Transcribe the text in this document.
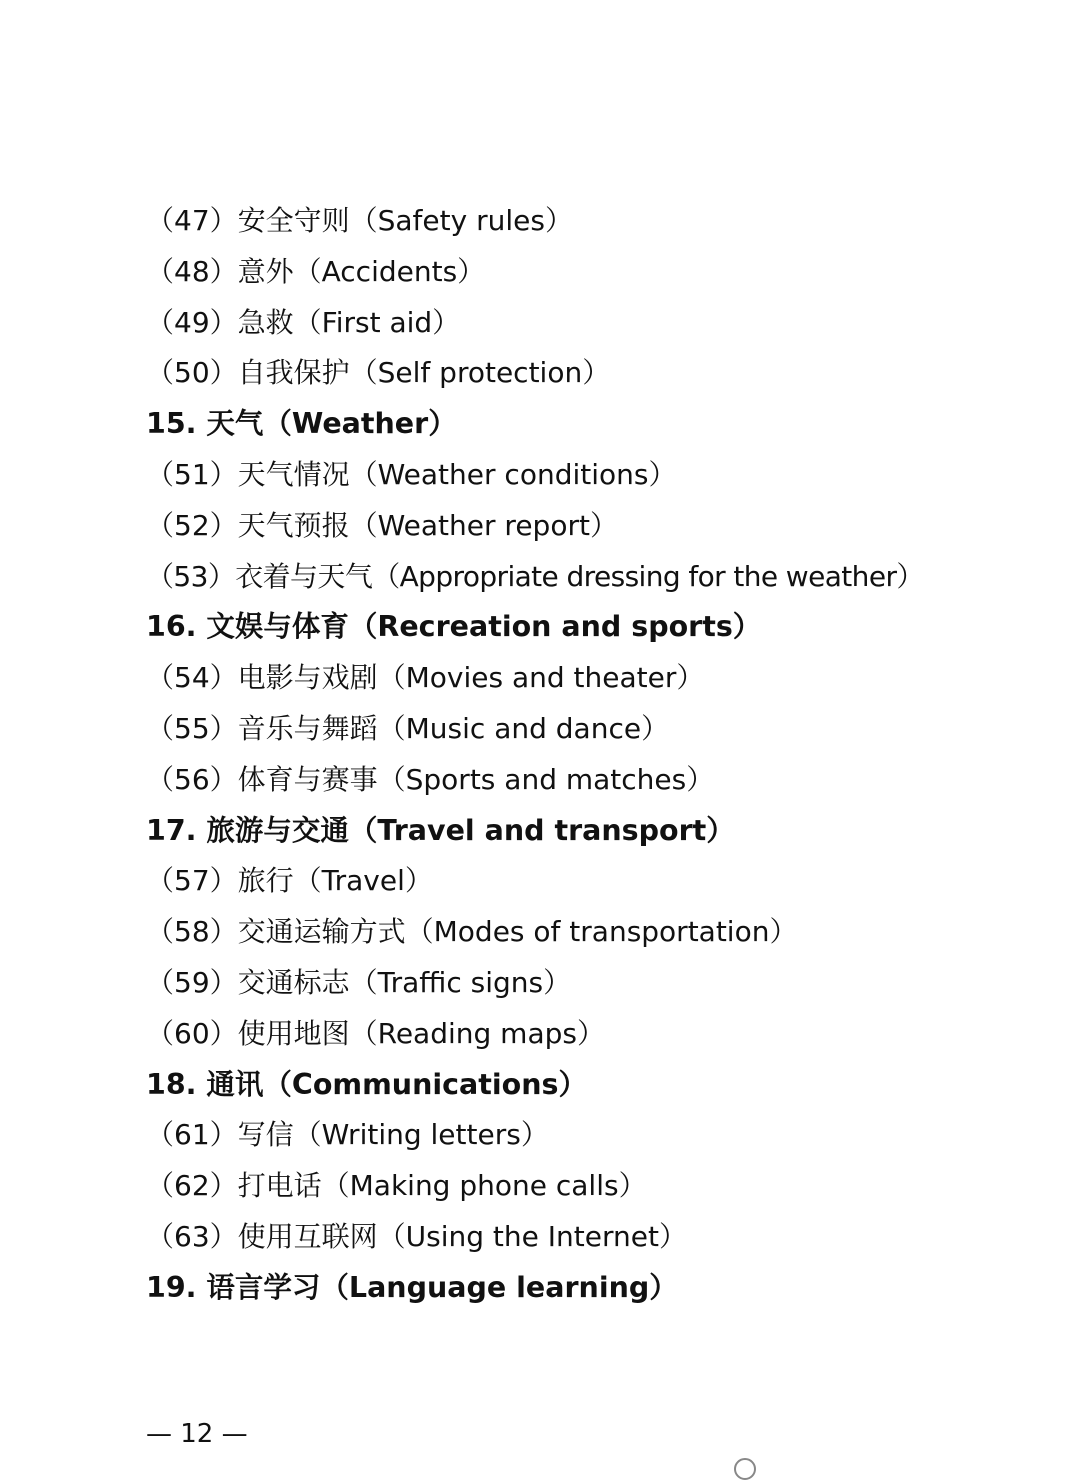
（47）安全守则（Safety rules）
（48）意外（Accidents）
（49）急救（First aid）
（50）自我保护（Self protection）
15. 天气（Weather）
（51）天气情况（Weather conditions）
（52）天气预报（Weather report）
（53）衣着与天气（Appropriate dressing for the weather）
16. 文娱与体育（Recreation and sports）
（54）电影与戏剧（Movies and theater）
（55）音乐与舞蹈（Music and dance）
（56）体育与赛事（Sports and matches）
17. 旅游与交通（Travel and transport）
（57）旅行（Travel）
（58）交通运输方式（Modes of transportation）
（59）交通标志（Traffic signs）
（60）使用地图（Reading maps）
18. 通讯（Communications）
（61）写信（Writing letters）
（62）打电话（Making phone calls）
（63）使用互联网（Using the Internet）
19. 语言学习（Language learning）
— 12 —
